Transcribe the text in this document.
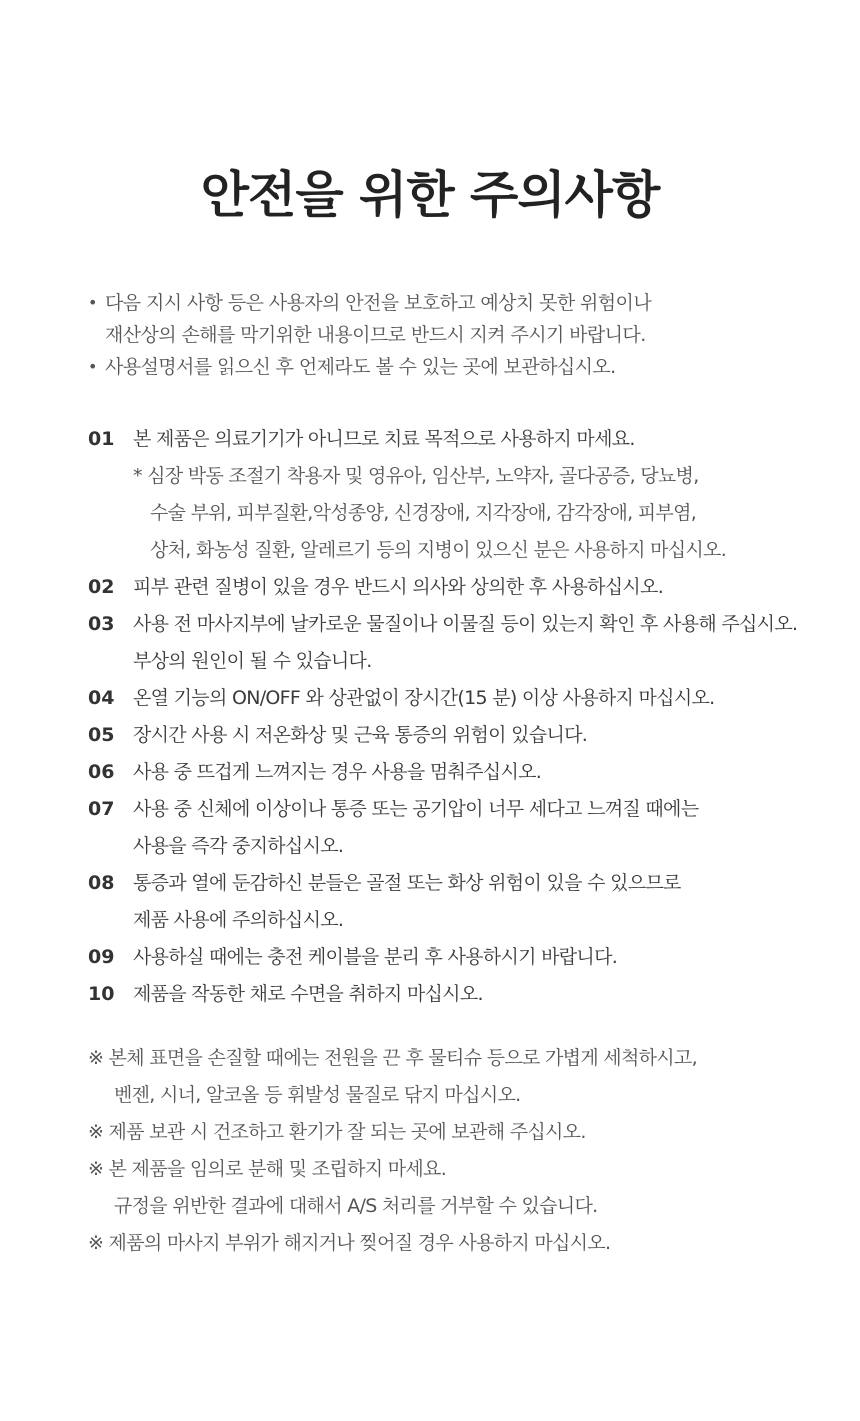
안전을 위한 주의사항
• 다음 지시 사항 등은 사용자의 안전을 보호하고 예상치 못한 위험이나
재산상의 손해를 막기위한 내용이므로 반드시 지켜 주시기 바랍니다.
• 사용설명서를 읽으신 후 언제라도 볼 수 있는 곳에 보관하십시오.
01 본 제품은 의료기기가 아니므로 치료 목적으로 사용하지 마세요.
* 심장 박동 조절기 착용자 및 영유아, 임산부, 노약자, 골다공증, 당뇨병,
수술 부위, 피부질환,악성종양, 신경장애, 지각장애, 감각장애, 피부염,
상처, 화농성 질환, 알레르기 등의 지병이 있으신 분은 사용하지 마십시오.
02 피부 관련 질병이 있을 경우 반드시 의사와 상의한 후 사용하십시오.
03 사용 전 마사지부에 날카로운 물질이나 이물질 등이 있는지 확인 후 사용해 주십시오.
부상의 원인이 될 수 있습니다.
04 온열 기능의 ON/OFF 와 상관없이 장시간(15 분) 이상 사용하지 마십시오.
05 장시간 사용 시 저온화상 및 근육 통증의 위험이 있습니다.
06 사용 중 뜨겁게 느껴지는 경우 사용을 멈춰주십시오.
07 사용 중 신체에 이상이나 통증 또는 공기압이 너무 세다고 느껴질 때에는
사용을 즉각 중지하십시오.
08 통증과 열에 둔감하신 분들은 골절 또는 화상 위험이 있을 수 있으므로
제품 사용에 주의하십시오.
09 사용하실 때에는 충전 케이블을 분리 후 사용하시기 바랍니다.
10 제품을 작동한 채로 수면을 취하지 마십시오.
※ 본체 표면을 손질할 때에는 전원을 끈 후 물티슈 등으로 가볍게 세척하시고,
벤젠, 시너, 알코올 등 휘발성 물질로 닦지 마십시오.
※ 제품 보관 시 건조하고 환기가 잘 되는 곳에 보관해 주십시오.
※ 본 제품을 임의로 분해 및 조립하지 마세요.
규정을 위반한 결과에 대해서 A/S 처리를 거부할 수 있습니다.
※ 제품의 마사지 부위가 해지거나 찢어질 경우 사용하지 마십시오.
